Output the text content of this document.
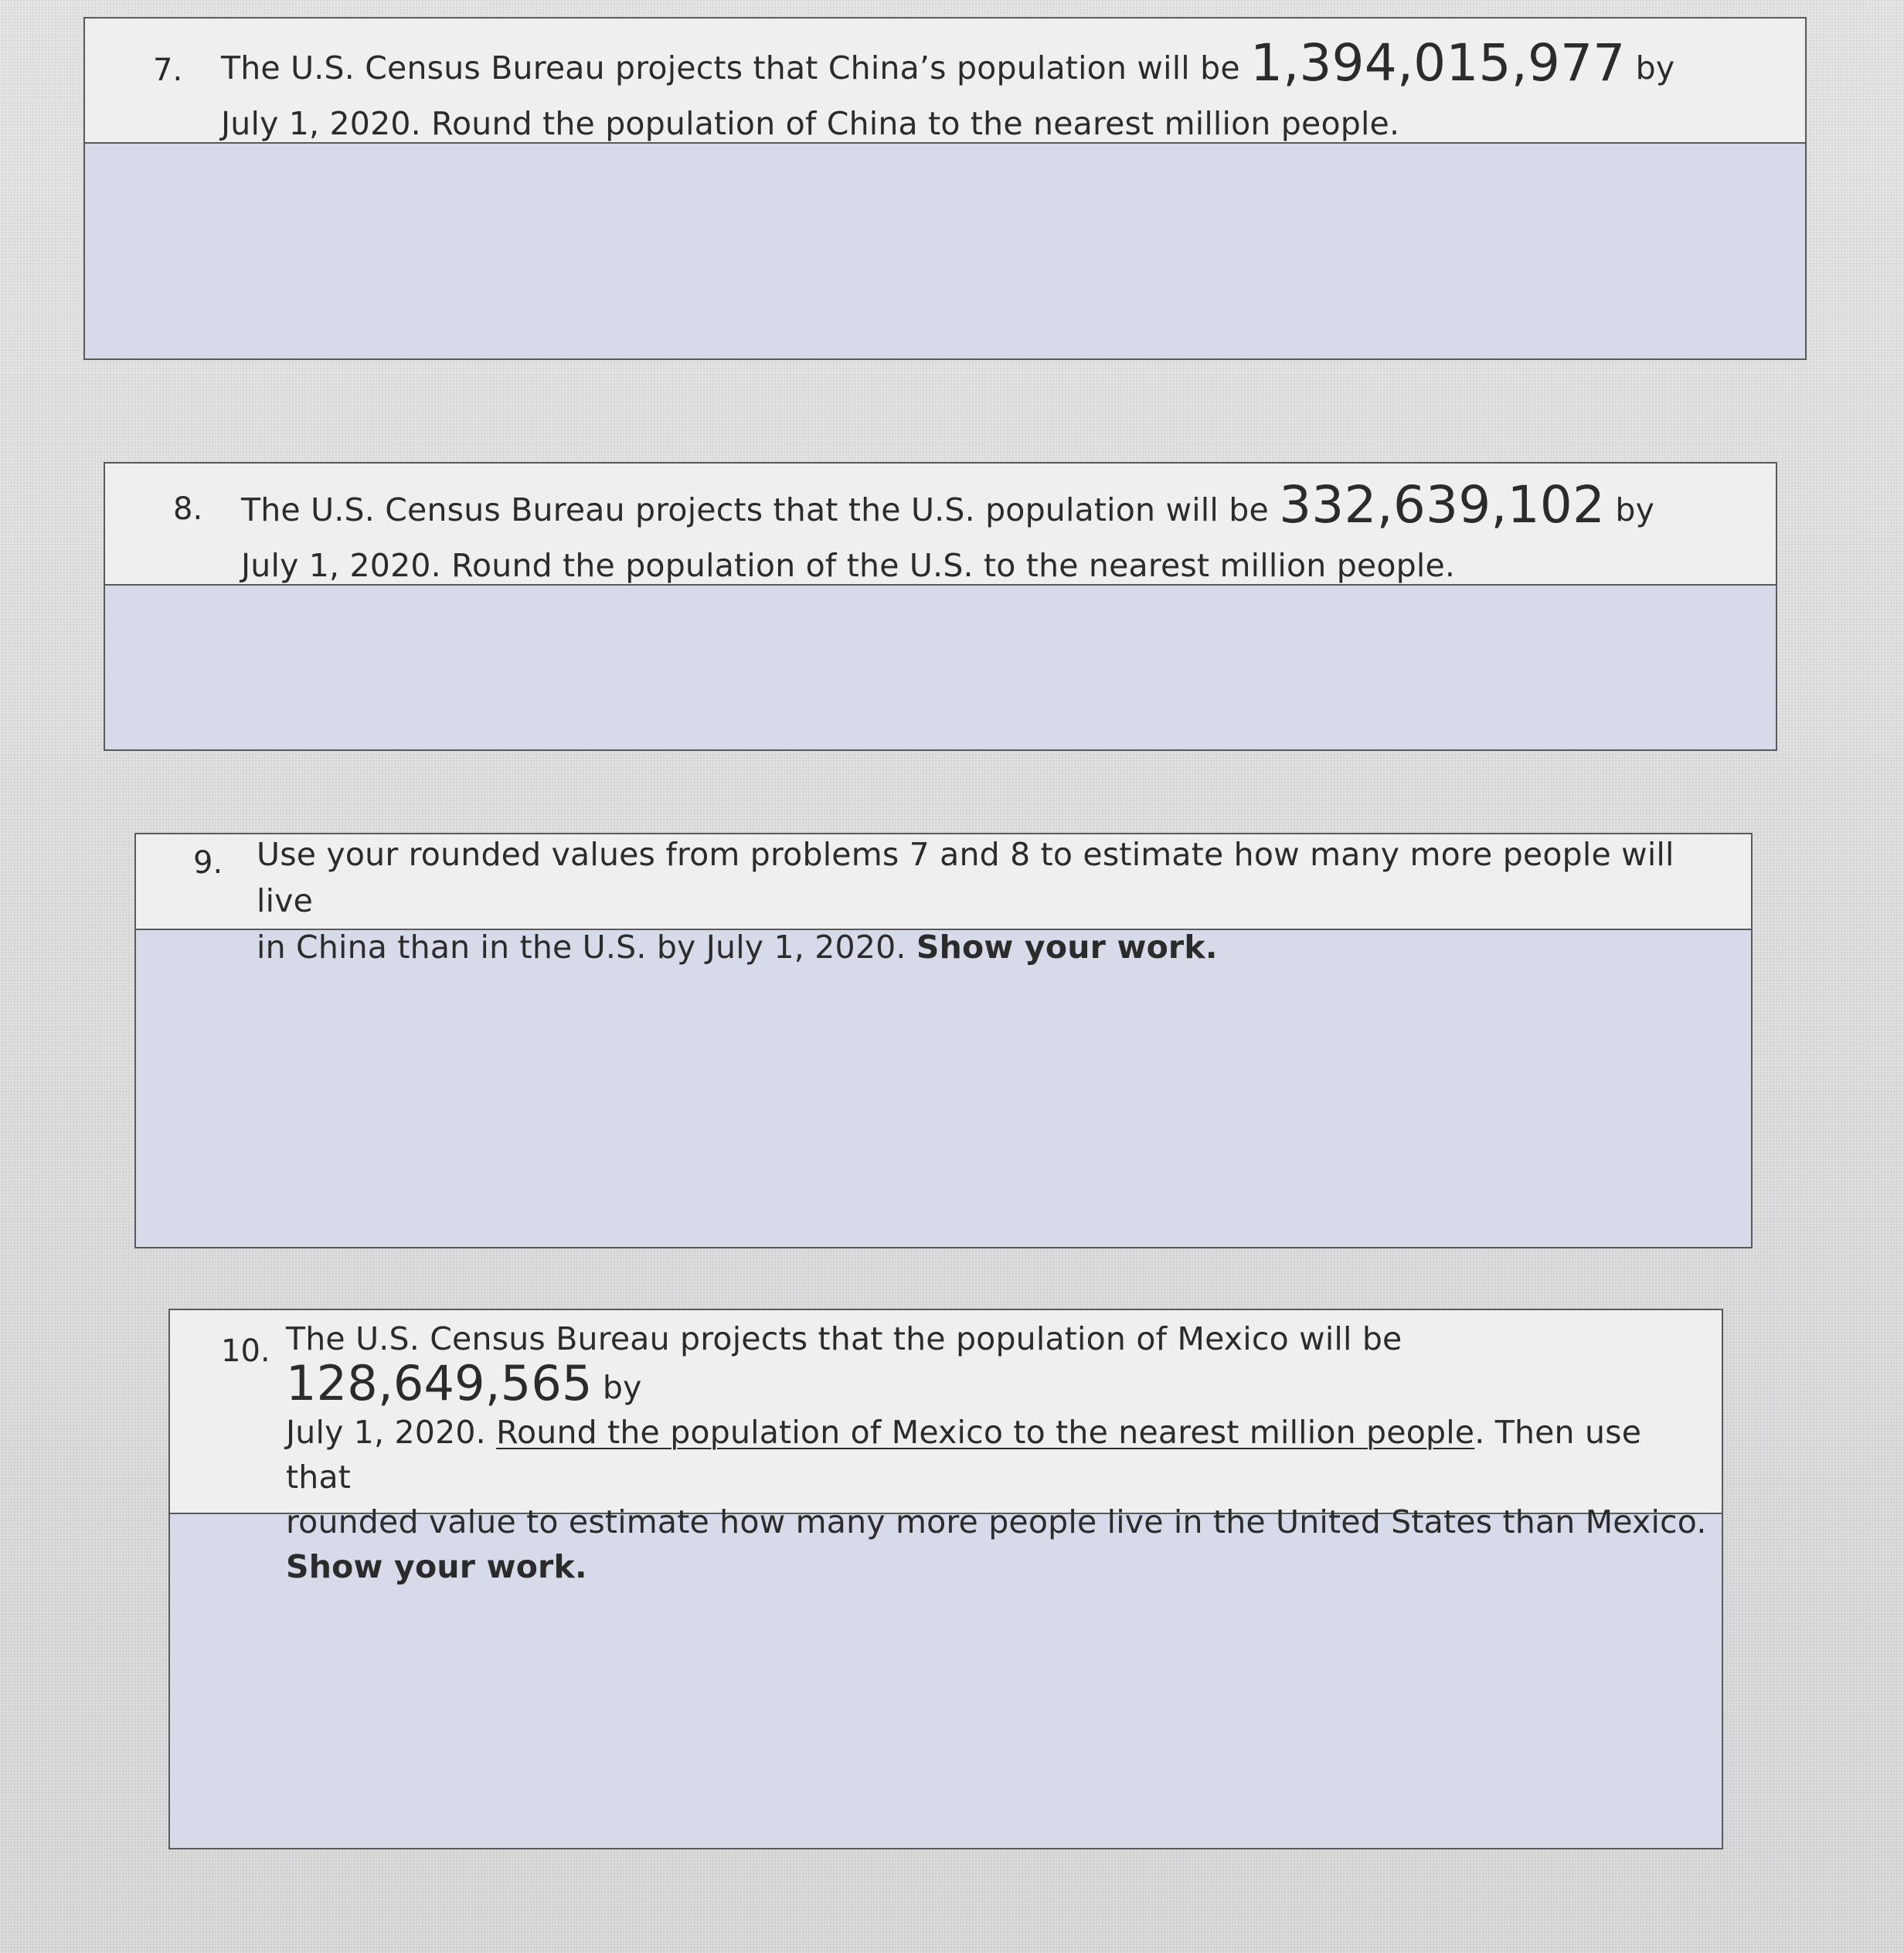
7. The U.S. Census Bureau projects that China’s population will be 1,394,015,977 by
July 1, 2020. Round the population of China to the nearest million people.
8. The U.S. Census Bureau projects that the U.S. population will be 332,639,102 by
July 1, 2020. Round the population of the U.S. to the nearest million people.
9. Use your rounded values from problems 7 and 8 to estimate how many more people will live
in China than in the U.S. by July 1, 2020. Show your work.
10. The U.S. Census Bureau projects that the population of Mexico will be 128,649,565 by
July 1, 2020. Round the population of Mexico to the nearest million people. Then use that
rounded value to estimate how many more people live in the United States than Mexico.
Show your work.
